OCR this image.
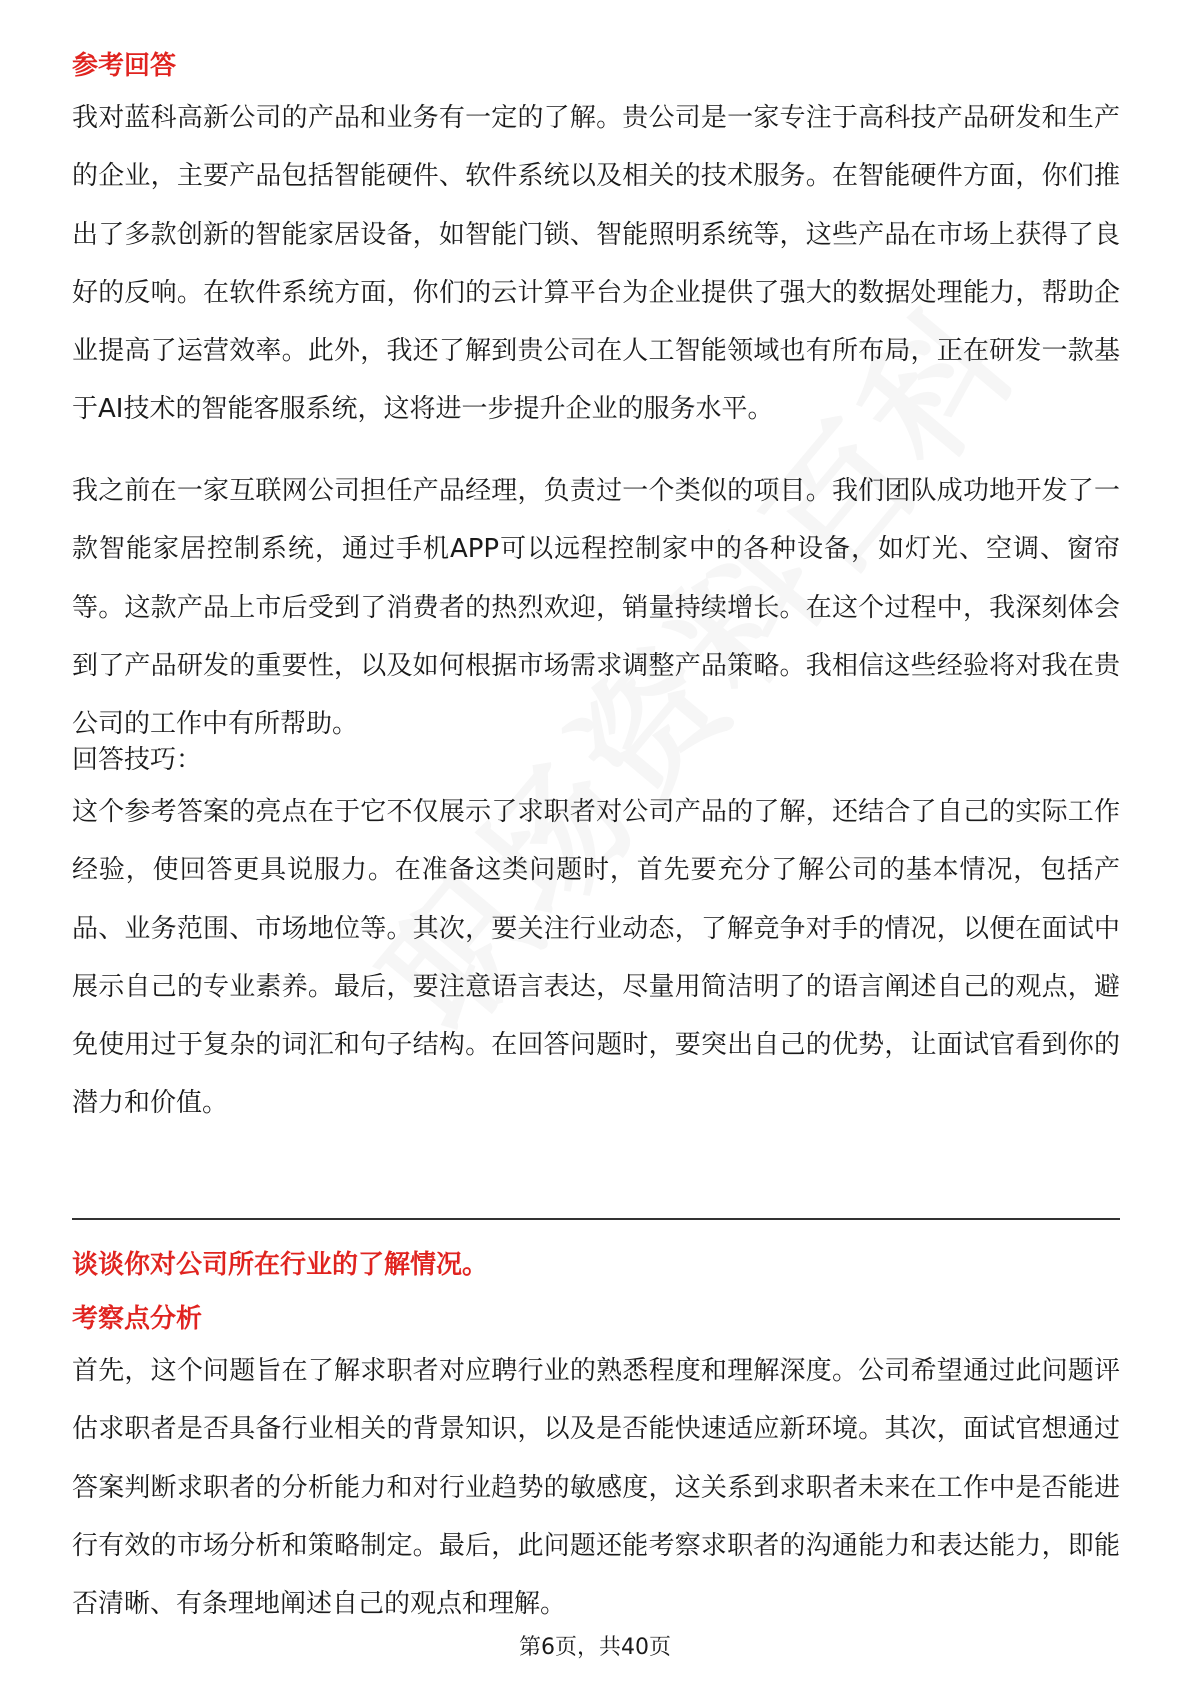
参考回答

我对蓝科高新公司的产品和业务有一定的了解。贵公司是一家专注于高科技产品研发和生产的企业，主要产品包括智能硬件、软件系统以及相关的技术服务。在智能硬件方面，你们推出了多款创新的智能家居设备，如智能门锁、智能照明系统等，这些产品在市场上获得了良好的反响。在软件系统方面，你们的云计算平台为企业提供了强大的数据处理能力，帮助企业提高了运营效率。此外，我还了解到贵公司在人工智能领域也有所布局，正在研发一款基于AI技术的智能客服系统，这将进一步提升企业的服务水平。

我之前在一家互联网公司担任产品经理，负责过一个类似的项目。我们团队成功地开发了一款智能家居控制系统，通过手机APP可以远程控制家中的各种设备，如灯光、空调、窗帘等。这款产品上市后受到了消费者的热烈欢迎，销量持续增长。在这个过程中，我深刻体会到了产品研发的重要性，以及如何根据市场需求调整产品策略。我相信这些经验将对我在贵公司的工作中有所帮助。

回答技巧：

这个参考答案的亮点在于它不仅展示了求职者对公司产品的了解，还结合了自己的实际工作经验，使回答更具说服力。在准备这类问题时，首先要充分了解公司的基本情况，包括产品、业务范围、市场地位等。其次，要关注行业动态，了解竞争对手的情况，以便在面试中展示自己的专业素养。最后，要注意语言表达，尽量用简洁明了的语言阐述自己的观点，避免使用过于复杂的词汇和句子结构。在回答问题时，要突出自己的优势，让面试官看到你的潜力和价值。

谈谈你对公司所在行业的了解情况。
考察点分析

首先，这个问题旨在了解求职者对应聘行业的熟悉程度和理解深度。公司希望通过此问题评估求职者是否具备行业相关的背景知识，以及是否能快速适应新环境。其次，面试官想通过答案判断求职者的分析能力和对行业趋势的敏感度，这关系到求职者未来在工作中是否能进行有效的市场分析和策略制定。最后，此问题还能考察求职者的沟通能力和表达能力，即能否清晰、有条理地阐述自己的观点和理解。

第6页，共40页
